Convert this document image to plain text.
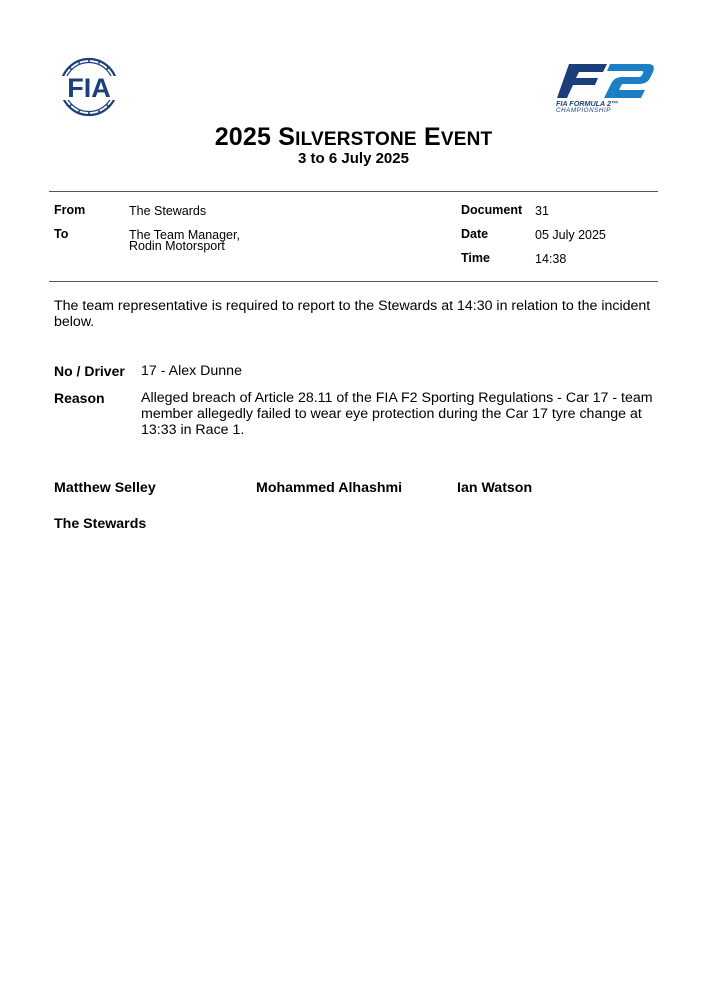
FIA
FIA FORMULA 2™
CHAMPIONSHIP
2025 SILVERSTONE EVENT
3 to 6 July 2025
From	The Stewards
To	The Team Manager,
Rodin Motorsport
Document 31
Date	05 July 2025
Time	14:38
The team representative is required to report to the Stewards at 14:30 in relation to the incident
below.
No / Driver 17 - Alex Dunne
Reason	Alleged breach of Article 28.11 of the FIA F2 Sporting Regulations - Car 17 - team
member allegedly failed to wear eye protection during the Car 17 tyre change at
13:33 in Race 1.
Matthew Selley	Mohammed Alhashmi	Ian Watson
The Stewards
